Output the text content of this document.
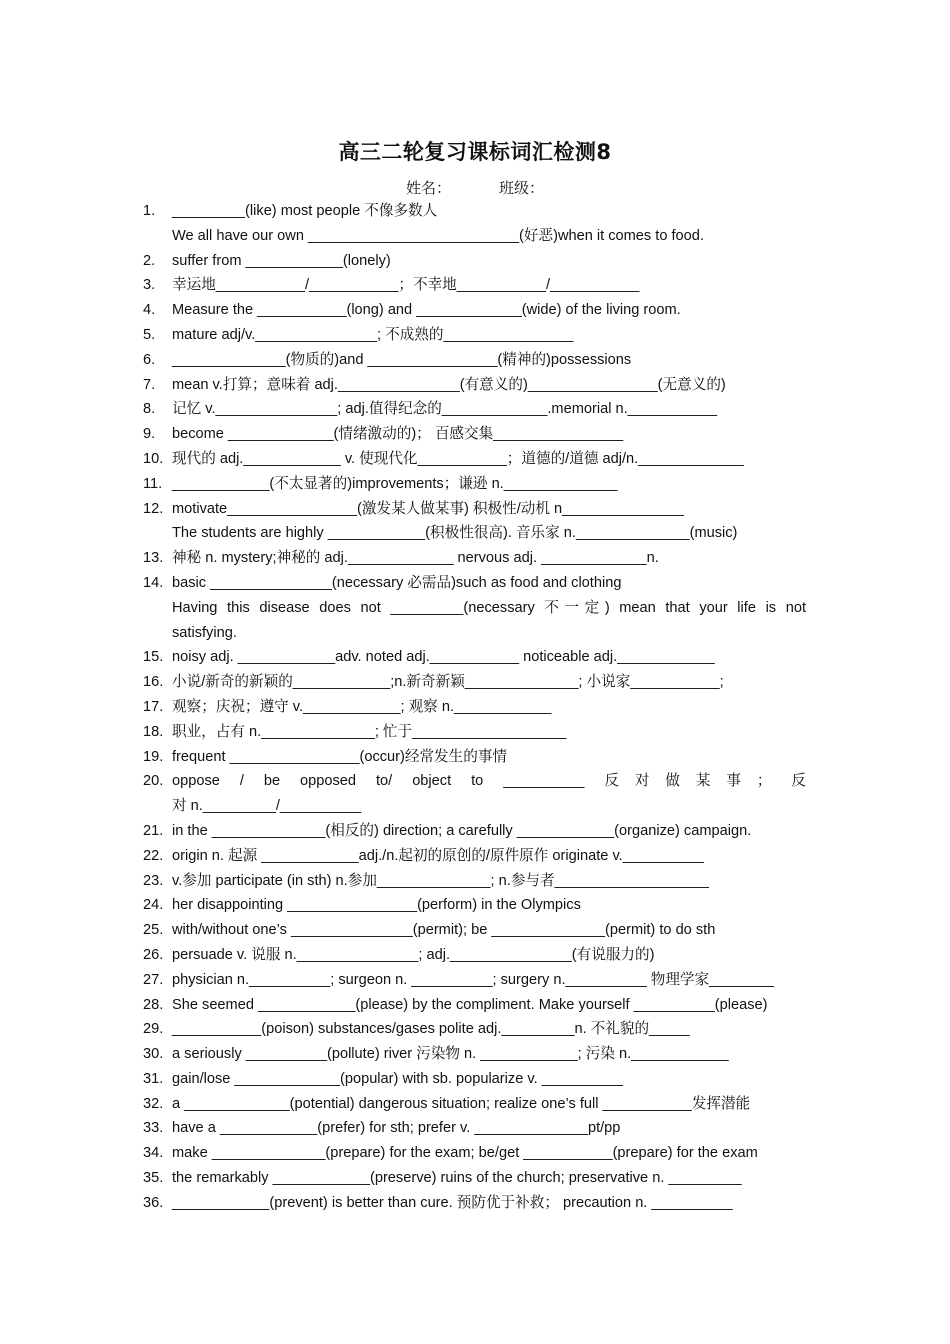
高三二轮复习课标词汇检测8
姓名：	班级：
1.	_________(like) most people 不像多数人
We all have our own __________________________(好恶)when it comes to food.
2.	suffer from ____________(lonely)
3.	幸运地___________/___________；不幸地___________/___________
4.	Measure the ___________(long) and _____________(wide) of the living room.
5.	mature adj/v._______________; 不成熟的________________
6.	______________(物质的)and ________________(精神的)possessions
7.	mean v.打算；意味着 adj._______________(有意义的)________________(无意义的)
8.	记忆 v._______________; adj.值得纪念的_____________.memorial n.___________
9.	become _____________(情绪激动的)； 百感交集________________
10. 现代的 adj.____________ v. 使现代化___________；道德的/道德 adj/n._____________
11. ____________(不太显著的)improvements；谦逊 n.______________
12. motivate________________(激发某人做某事) 积极性/动机 n_______________
The students are highly ____________(积极性很高). 音乐家 n.______________(music)
13. 神秘 n. mystery;神秘的 adj._____________ nervous adj. _____________n.
14. basic _______________(necessary 必需品)such as food and clothing
Having this disease does not _________(necessary 不一定) mean that your life is not
satisfying.
15. noisy adj. ____________adv. noted adj.___________ noticeable adj.____________
16. 小说/新奇的新颖的____________;n.新奇新颖______________; 小说家___________;
17. 观察；庆祝；遵守 v.____________; 观察 n.____________
18. 职业，占有 n.______________; 忙于___________________
19. frequent ________________(occur)经常发生的事情
20. oppose / be opposed to/ object to __________ 反对做某事； 反
对 n._________/__________
21. in the ______________(相反的) direction; a carefully ____________(organize) campaign.
22. origin n. 起源 ____________adj./n.起初的原创的/原件原作 originate v.__________
23. v.参加 participate (in sth) n.参加______________; n.参与者___________________
24. her disappointing ________________(perform) in the Olympics
25. with/without one’s _______________(permit); be ______________(permit) to do sth
26. persuade v. 说服 n._______________; adj._______________(有说服力的)
27. physician n.__________; surgeon n. __________; surgery n.__________ 物理学家________
28. She seemed ____________(please) by the compliment. Make yourself __________(please)
29. ___________(poison) substances/gases polite adj._________n. 不礼貌的_____
30. a seriously __________(pollute) river 污染物 n. ____________; 污染 n.____________
31. gain/lose _____________(popular) with sb. popularize v. __________
32. a _____________(potential) dangerous situation; realize one’s full ___________发挥潜能
33. have a ____________(prefer) for sth; prefer v. ______________pt/pp
34. make ______________(prepare) for the exam; be/get ___________(prepare) for the exam
35. the remarkably ____________(preserve) ruins of the church; preservative n. _________
36. ____________(prevent) is better than cure. 预防优于补救； precaution n. __________
